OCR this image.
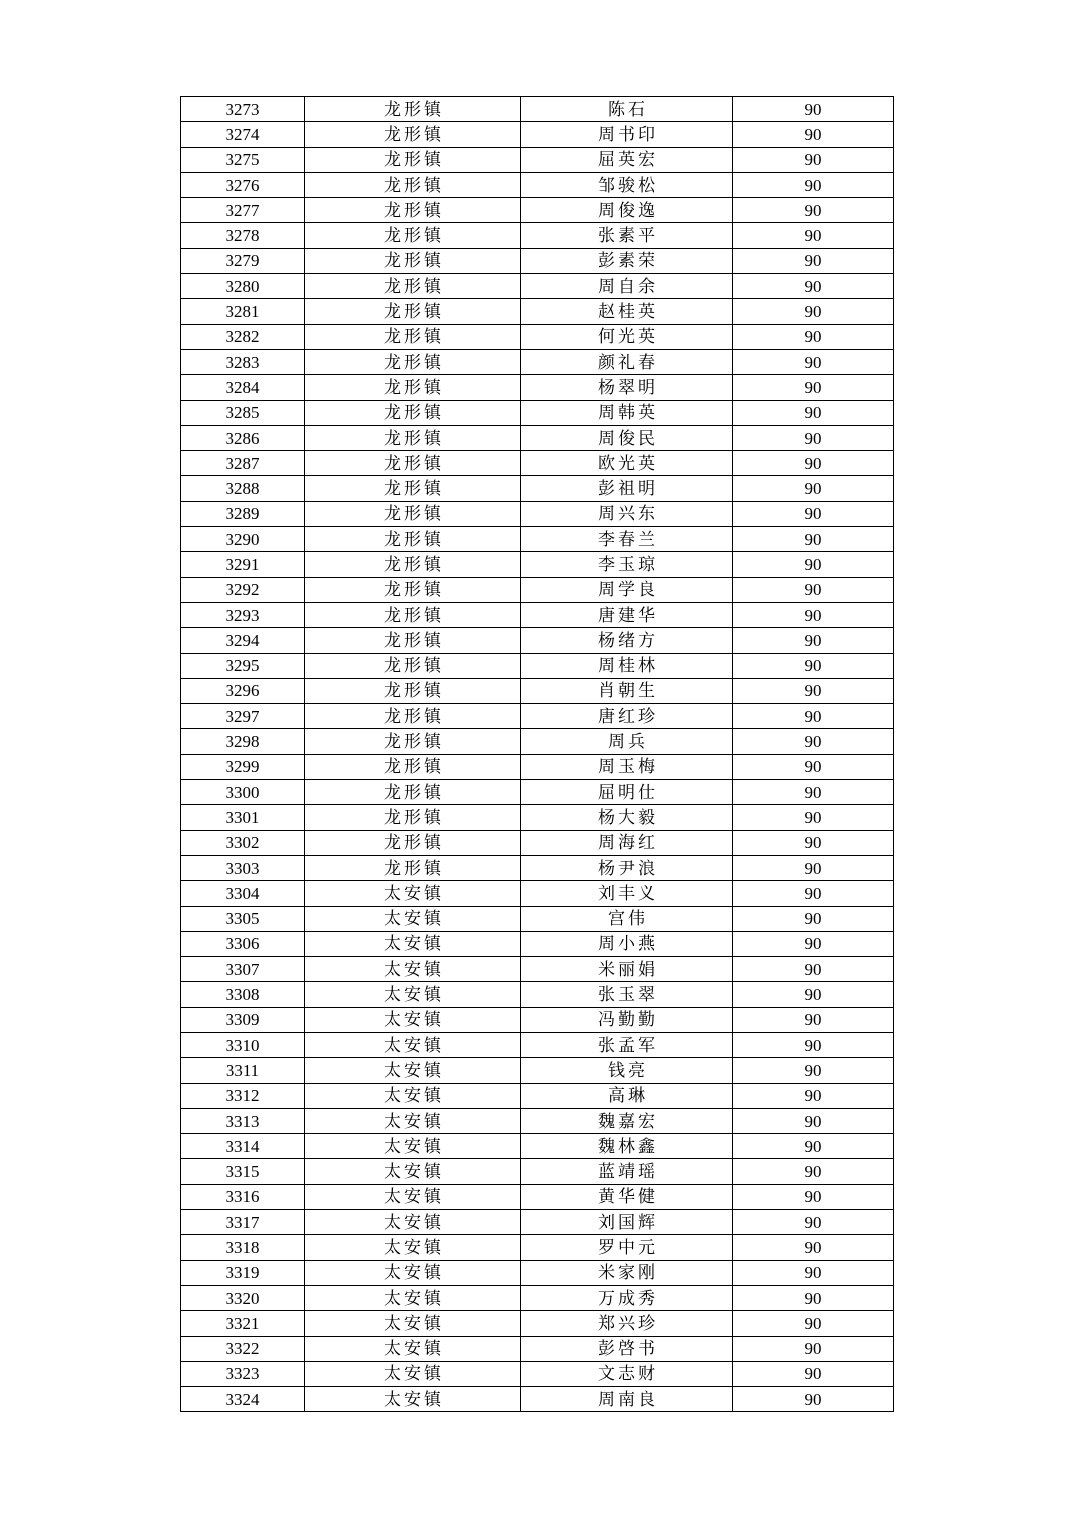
3273	龙形镇	陈石	90
3274	龙形镇	周书印	90
3275	龙形镇	屈英宏	90
3276	龙形镇	邹骏松	90
3277	龙形镇	周俊逸	90
3278	龙形镇	张素平	90
3279	龙形镇	彭素荣	90
3280	龙形镇	周自余	90
3281	龙形镇	赵桂英	90
3282	龙形镇	何光英	90
3283	龙形镇	颜礼春	90
3284	龙形镇	杨翠明	90
3285	龙形镇	周韩英	90
3286	龙形镇	周俊民	90
3287	龙形镇	欧光英	90
3288	龙形镇	彭祖明	90
3289	龙形镇	周兴东	90
3290	龙形镇	李春兰	90
3291	龙形镇	李玉琼	90
3292	龙形镇	周学良	90
3293	龙形镇	唐建华	90
3294	龙形镇	杨绪方	90
3295	龙形镇	周桂林	90
3296	龙形镇	肖朝生	90
3297	龙形镇	唐红珍	90
3298	龙形镇	周兵	90
3299	龙形镇	周玉梅	90
3300	龙形镇	屈明仕	90
3301	龙形镇	杨大毅	90
3302	龙形镇	周海红	90
3303	龙形镇	杨尹浪	90
3304	太安镇	刘丰义	90
3305	太安镇	宫伟	90
3306	太安镇	周小燕	90
3307	太安镇	米丽娟	90
3308	太安镇	张玉翠	90
3309	太安镇	冯勤勤	90
3310	太安镇	张孟军	90
3311	太安镇	钱亮	90
3312	太安镇	高琳	90
3313	太安镇	魏嘉宏	90
3314	太安镇	魏林鑫	90
3315	太安镇	蓝靖瑶	90
3316	太安镇	黄华健	90
3317	太安镇	刘国辉	90
3318	太安镇	罗中元	90
3319	太安镇	米家刚	90
3320	太安镇	万成秀	90
3321	太安镇	郑兴珍	90
3322	太安镇	彭啓书	90
3323	太安镇	文志财	90
3324	太安镇	周南良	90
